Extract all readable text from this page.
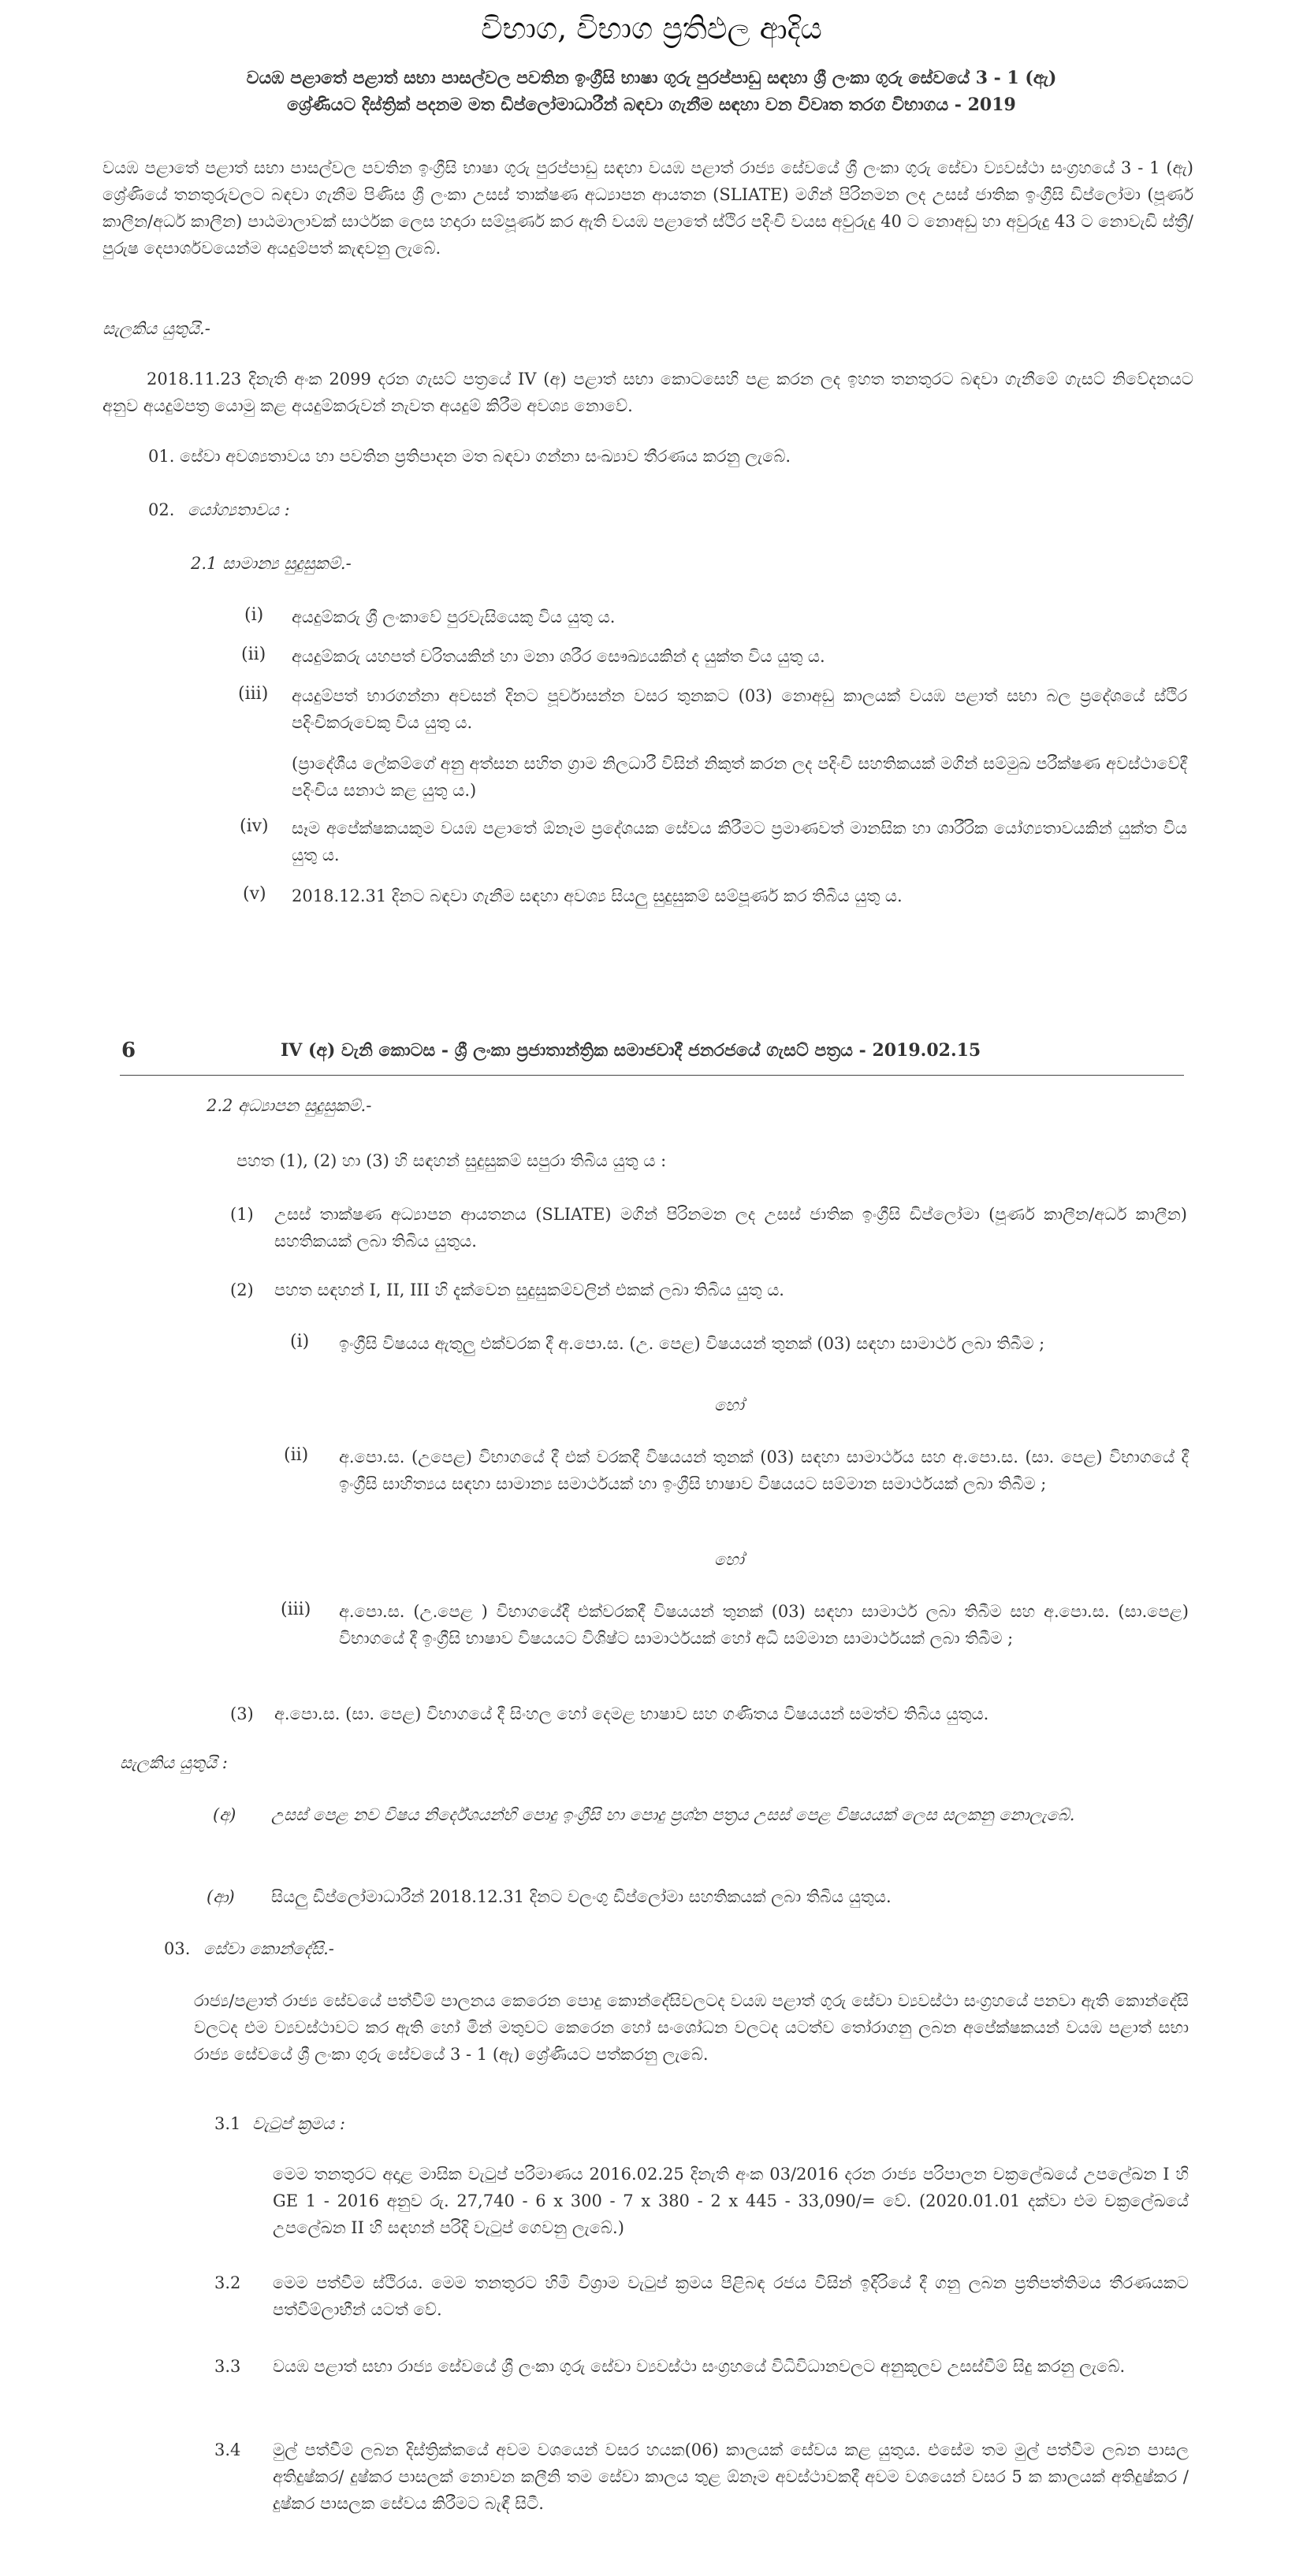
විභාග, විභාග ප්‍රතිඵල ආදිය
වයඹ පළාතේ පළාත් සභා පාසල්වල පවතින ඉංග්‍රීසි භාෂා ගුරු පුරප්පාඩු සඳහා ශ්‍රී ලංකා ගුරු සේවයේ 3 - 1 (ඇ)
ශ්‍රේණියට දිස්ත්‍රික් පදනම මත ඩිප්ලෝමාධාරීන් බඳවා ගැනීම සඳහා වන විවෘත තරග විභාගය - 2019
වයඹ පළාතේ පළාත් සභා පාසල්වල පවතින ඉංග්‍රීසි භාෂා ගුරු පුරප්පාඩු සඳහා වයඹ පළාත් රාජ්‍ය සේවයේ ශ්‍රී ලංකා ගුරු සේවා ව්‍යවස්ථා සංග්‍රහයේ 3 - 1 (ඇ) ශ්‍රේණියේ තනතුරුවලට බඳවා ගැනීම පිණිස ශ්‍රී ලංකා උසස් තාක්ෂණ අධ්‍යාපන ආයතන (SLIATE) මගින් පිරිනමන ලද උසස් ජාතික ඉංග්‍රීසි ඩිප්ලෝමා (පූර්ණ කාලීන/අර්ධ කාලීන) පාඨමාලාවක් සාර්ථක ලෙස හදාරා සම්පූර්ණ කර ඇති වයඹ පළාතේ ස්ථිර පදිංචි වයස අවුරුදු 40 ට නොඅඩු හා අවුරුදු 43 ට නොවැඩි ස්ත්‍රී/පුරුෂ දෙපාර්ශවයෙන්ම අයදුම්පත් කැඳවනු ලැබේ.
සැලකිය යුතුයි.-
2018.11.23 දිනැති අංක 2099 දරන ගැසට් පත්‍රයේ IV (අ) පළාත් සභා කොටසෙහි පළ කරන ලද ඉහත තනතුරට බඳවා ගැනීමේ ගැසට් නිවේදනයට අනුව අයදුම්පත්‍ර යොමු කළ අයදුම්කරුවන් නැවත අයදුම් කිරීම අවශ්‍ය නොවේ.
01. සේවා අවශ්‍යතාවය හා පවතින ප්‍රතිපාදන මත බඳවා ගන්නා සංඛ්‍යාව තීරණය කරනු ලැබේ.
02. යෝග්‍යතාවය :
2.1 සාමාන්‍ය සුදුසුකම්.-
(i) අයදුම්කරු ශ්‍රී ලංකාවේ පුරවැසියෙකු විය යුතු ය.
(ii) අයදුම්කරු යහපත් චරිතයකින් හා මනා ශරීර සෞඛ්‍යයකින් ද යුක්ත විය යුතු ය.
(iii) අයදුම්පත් භාරගන්නා අවසන් දිනට පූර්වාසන්න වසර තුනකට (03) නොඅඩු කාලයක් වයඹ පළාත් සභා බල ප්‍රදේශයේ ස්ථිර පදිංචිකරුවෙකු විය යුතු ය.
(ප්‍රාදේශීය ලේකම්ගේ අනු අත්සන සහිත ග්‍රාම නිලධාරී විසින් නිකුත් කරන ලද පදිංචි සහතිකයක් මගින් සම්මුඛ පරීක්ෂණ අවස්ථාවේදී පදිංචිය සනාථ කළ යුතු ය.)
(iv) සෑම අපේක්ෂකයකුම වයඹ පළාතේ ඕනෑම ප්‍රදේශයක සේවය කිරීමට ප්‍රමාණවත් මානසික හා ශාරීරික යෝග්‍යතාවයකින් යුක්ත විය යුතු ය.
(v) 2018.12.31 දිනට බඳවා ගැනීම සඳහා අවශ්‍ය සියලු සුදුසුකම් සම්පූර්ණ කර තිබිය යුතු ය.
6	IV (අ) වැනි කොටස - ශ්‍රී ලංකා ප්‍රජාතාන්ත්‍රික සමාජවාදී ජනරජයේ ගැසට් පත්‍රය - 2019.02.15
2.2 අධ්‍යාපන සුදුසුකම්.-
පහත (1), (2) හා (3) හි සඳහන් සුදුසුකම් සපුරා තිබිය යුතු ය :
(1) උසස් තාක්ෂණ අධ්‍යාපන ආයතනය (SLIATE) මගින් පිරිනමන ලද උසස් ජාතික ඉංග්‍රීසි ඩිප්ලෝමා (පූර්ණ කාලීන/අර්ධ කාලීන) සහතිකයක් ලබා තිබිය යුතුය.
(2) පහත සඳහන් I, II, III හි දැක්වෙන සුදුසුකම්වලින් එකක් ලබා තිබිය යුතු ය.
(i) ඉංග්‍රීසි විෂයය ඇතුලු එක්වරක දී අ.පො.ස. (උ. පෙළ) විෂයයන් තුනක් (03) සඳහා සාමාර්ථ ලබා තිබීම ;
හෝ
(ii) අ.පො.ස. (උපෙළ) විභාගයේ දී එක් වරකදී විෂයයන් තුනක් (03) සඳහා සාමාර්ථය සහ අ.පො.ස. (සා. පෙළ) විභාගයේ දී ඉංග්‍රීසි සාහිත්‍යය සඳහා සාමාන්‍ය සමාර්ථයක් හා ඉංග්‍රීසි භාෂාව විෂයයට සම්මාන සමාර්ථයක් ලබා තිබීම ;
හෝ
(iii) අ.පො.ස. (උ.පෙළ ) විභාගයේදී එක්වරකදී විෂයයන් තුනක් (03) සඳහා සාමාර්ථ ලබා තිබීම සහ අ.පො.ස. (සා.පෙළ) විභාගයේ දී ඉංග්‍රීසි භාෂාව විෂයයට විශිෂ්ට සාමාර්ථයක් හෝ අධි සම්මාන සාමාර්ථයක් ලබා තිබීම ;
(3) අ.පො.ස. (සා. පෙළ) විභාගයේ දී සිංහල හෝ දෙමළ භාෂාව සහ ගණිතය විෂයයන් සමත්ව තිබිය යුතුය.
සැලකිය යුතුයි :
(අ) උසස් පෙළ නව විෂය නිර්දේශයන්හි පොදු ඉංග්‍රීසි හා පොදු ප්‍රශ්න පත්‍රය උසස් පෙළ විෂයයක් ලෙස සලකනු නොලැබේ.
(ආ) සියලු ඩිප්ලෝමාධාරීන් 2018.12.31 දිනට වලංගු ඩිප්ලෝමා සහතිකයක් ලබා තිබිය යුතුය.
03. සේවා කොන්දේසි.-
රාජ්‍ය/පළාත් රාජ්‍ය සේවයේ පත්වීම් පාලනය කෙරෙන පොදු කොන්දේසිවලටද වයඹ පළාත් ගුරු සේවා ව්‍යවස්ථා සංග්‍රහයේ පනවා ඇති කොන්දේසි වලටද එම ව්‍යවස්ථාවට කර ඇති හෝ මින් මතුවට කෙරෙන හෝ සංශෝධන වලටද යටත්ව තෝරාගනු ලබන අපේක්ෂකයන් වයඹ පළාත් සභා රාජ්‍ය සේවයේ ශ්‍රී ලංකා ගුරු සේවයේ 3 - 1 (ඇ) ශ්‍රේණියට පත්කරනු ලැබේ.
3.1 වැටුප් ක්‍රමය :
මෙම තනතුරට අදාළ මාසික වැටුප් පරිමාණය 2016.02.25 දිනැති අංක 03/2016 දරන රාජ්‍ය පරිපාලන චක්‍රලේඛයේ උපලේඛන I හි GE 1 - 2016 අනුව රු. 27,740 - 6 x 300 - 7 x 380 - 2 x 445 - 33,090/= වේ. (2020.01.01 දක්වා එම චක්‍රලේඛයේ උපලේඛන II හි සඳහන් පරිදි වැටුප් ගෙවනු ලැබේ.)
3.2 මෙම පත්වීම ස්ථිරය. මෙම තනතුරට හිමි විශ්‍රාම වැටුප් ක්‍රමය පිළිබඳ රජය විසින් ඉදිරියේ දී ගනු ලබන ප්‍රතිපත්තිමය තීරණයකට පත්වීම්ලාභීන් යටත් වේ.
3.3 වයඹ පළාත් සභා රාජ්‍ය සේවයේ ශ්‍රී ලංකා ගුරු සේවා ව්‍යවස්ථා සංග්‍රහයේ විධිවිධානවලට අනුකූලව උසස්වීම් සිදු කරනු ලැබේ.
3.4 මුල් පත්වීම් ලබන දිස්ත්‍රික්කයේ අවම වශයෙන් වසර හයක(06) කාලයක් සේවය කළ යුතුය. එසේම තම මුල් පත්වීම ලබන පාසල අතිදුෂ්කර/ දුෂ්කර පාසලක් නොවන කලීනි තම සේවා කාලය තුළ ඕනෑම අවස්ථාවකදී අවම වශයෙන් වසර 5 ක කාලයක් අතිදුෂ්කර / දුෂ්කර පාසලක සේවය කිරීමට බැඳී සිටී.
